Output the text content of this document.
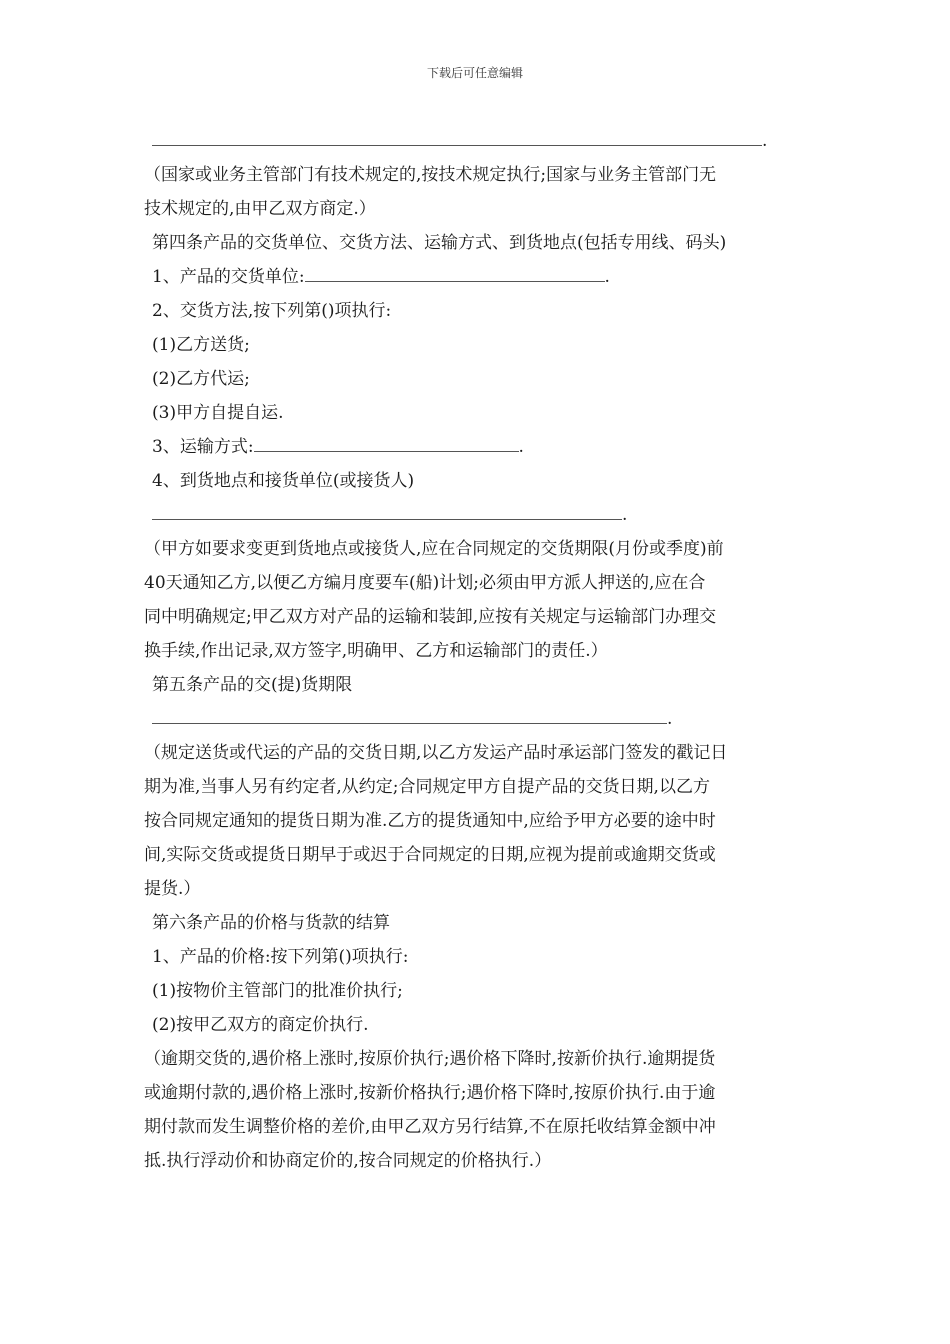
下载后可任意编辑
.
（国家或业务主管部门有技术规定的,按技术规定执行;国家与业务主管部门无
技术规定的,由甲乙双方商定.）
第四条产品的交货单位、交货方法、运输方式、到货地点(包括专用线、码头)
1、产品的交货单位:	.
2、交货方法,按下列第()项执行:
(1)乙方送货;
(2)乙方代运;
(3)甲方自提自运.
3、运输方式:	.
4、到货地点和接货单位(或接货人)
.
（甲方如要求变更到货地点或接货人,应在合同规定的交货期限(月份或季度)前
40天通知乙方,以便乙方编月度要车(船)计划;必须由甲方派人押送的,应在合
同中明确规定;甲乙双方对产品的运输和装卸,应按有关规定与运输部门办理交
换手续,作出记录,双方签字,明确甲、乙方和运输部门的责任.）
第五条产品的交(提)货期限
.
（规定送货或代运的产品的交货日期,以乙方发运产品时承运部门签发的戳记日
期为准,当事人另有约定者,从约定;合同规定甲方自提产品的交货日期,以乙方
按合同规定通知的提货日期为准.乙方的提货通知中,应给予甲方必要的途中时
间,实际交货或提货日期早于或迟于合同规定的日期,应视为提前或逾期交货或
提货.）
第六条产品的价格与货款的结算
1、产品的价格:按下列第()项执行:
(1)按物价主管部门的批准价执行;
(2)按甲乙双方的商定价执行.
（逾期交货的,遇价格上涨时,按原价执行;遇价格下降时,按新价执行.逾期提货
或逾期付款的,遇价格上涨时,按新价格执行;遇价格下降时,按原价执行.由于逾
期付款而发生调整价格的差价,由甲乙双方另行结算,不在原托收结算金额中冲
抵.执行浮动价和协商定价的,按合同规定的价格执行.）
